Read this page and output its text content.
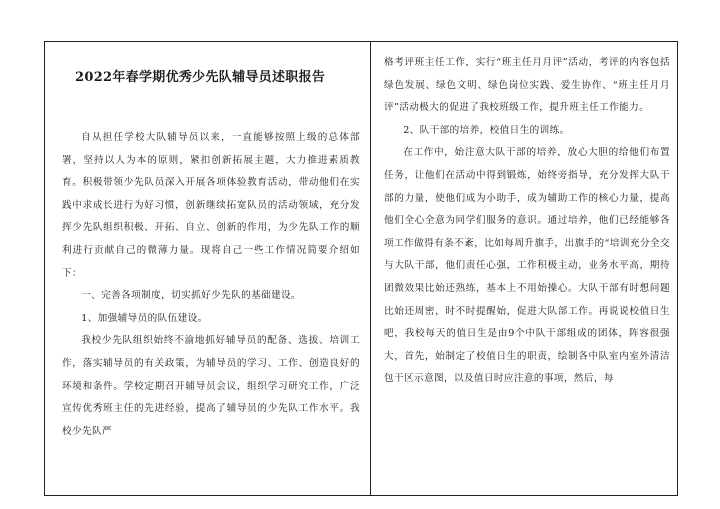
2022年春学期优秀少先队辅导员述职报告

自从担任学校大队辅导员以来，一直能够按照上级的总体部署，坚持以人为本的原则，紧扣创新拓展主题，大力推进素质教育。积极带领少先队员深入开展各项体验教育活动，带动他们在实践中求成长进行为好习惯，创新继续拓宽队员的活动领域，充分发挥少先队组织积极、开拓、自立、创新的作用，为少先队工作的顺利进行贡献自己的微薄力量。现将自己一些工作情况简要介绍如下：

一、完善各项制度，切实抓好少先队的基础建设。

1、加强辅导员的队伍建设。

我校少先队组织始终不渝地抓好辅导员的配备、选拔、培训工作，落实辅导员的有关政策，为辅导员的学习、工作、创造良好的环境和条件。学校定期召开辅导员会议，组织学习研究工作，广泛宣传优秀班主任的先进经验，提高了辅导员的少先队工作水平。我校少先队严

格考评班主任工作，实行“班主任月月评”活动，考评的内容包括绿色发展、绿色文明、绿色岗位实践、爱生协作、“班主任月月评”活动极大的促进了我校班级工作，提升班主任工作能力。

2、队干部的培养，校值日生的训练。

在工作中，始注意大队干部的培养，放心大胆的给他们布置任务，让他们在活动中得到锻炼，始终旁指导，充分发挥大队干部的力量，使他们成为小助手，成为辅助工作的核心力量，提高他们全心全意为同学们服务的意识。通过培养，他们已经能够各项工作做得有条不紊，比如每周升旗手，出旗手的“培训充分全交与大队干部，他们责任心强，工作积极主动，业务水平高，期待团微效果比始还熟练，基本上不用始操心。大队干部有时想问题比始还周密，时不时提醒始，促进大队部工作。再说说校值日生吧，我校每天的值日生是由9个中队干部组成的团体，阵容很强大，首先，始制定了校值日生的职责，绘制各中队室内室外清洁包干区示意图，以及值日时应注意的事项，然后，每
